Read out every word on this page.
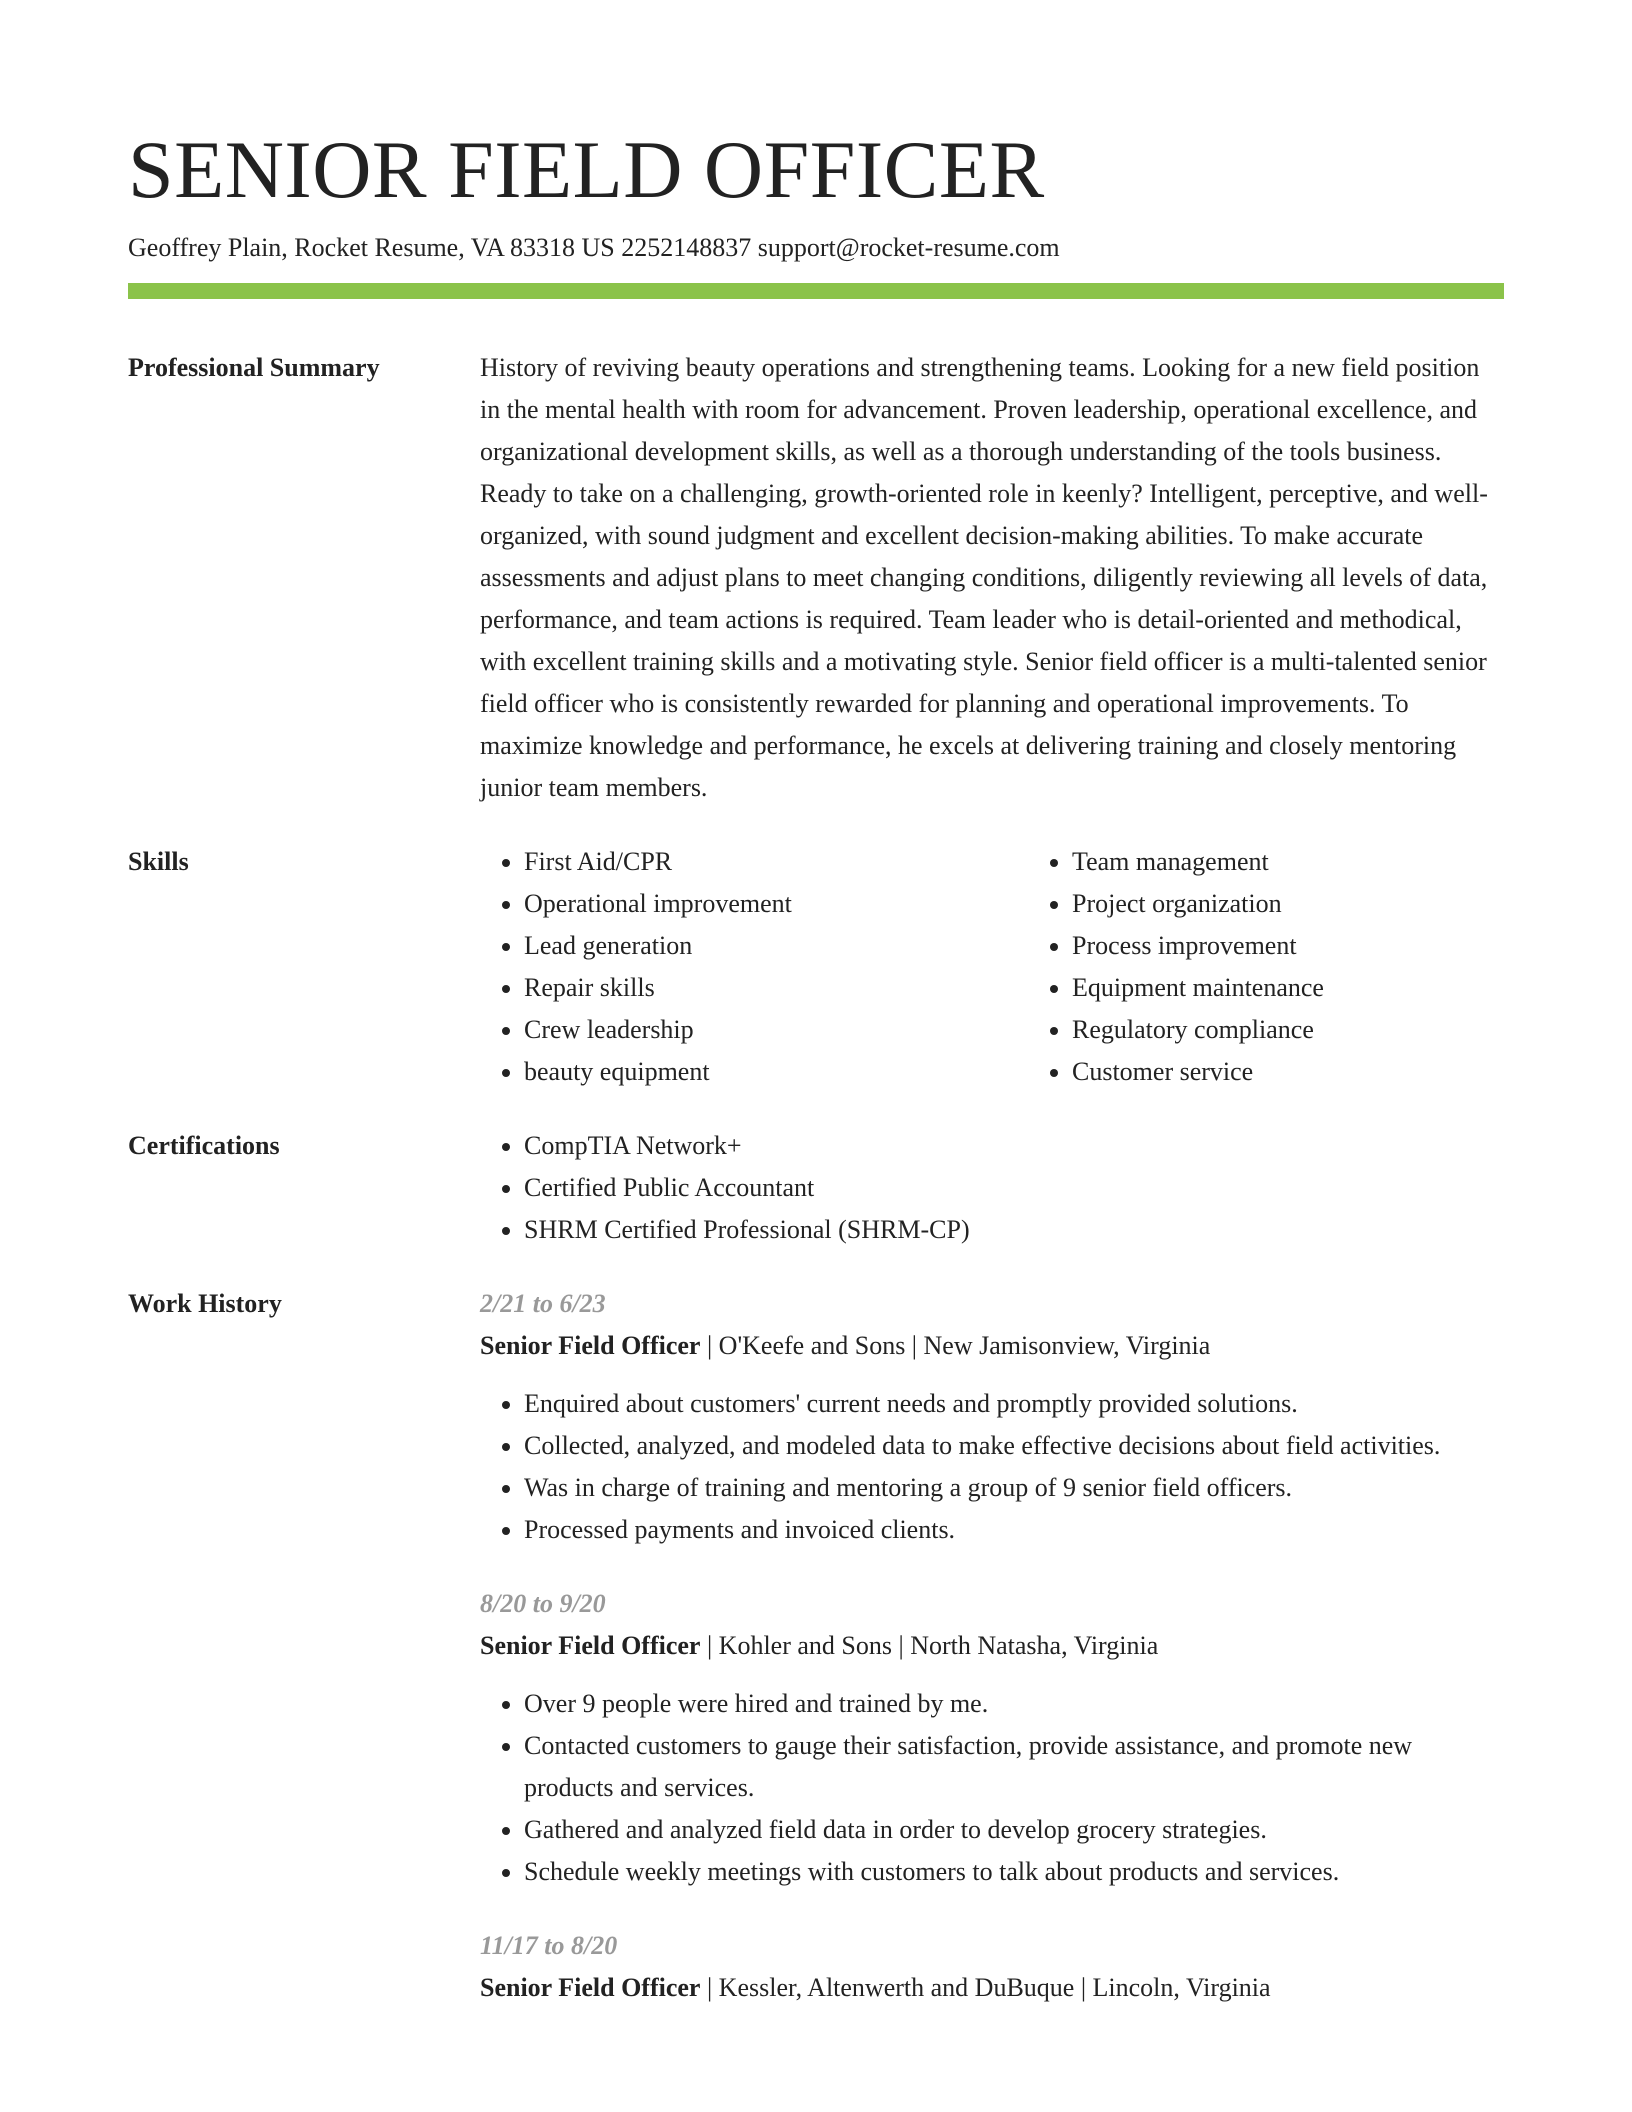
SENIOR FIELD OFFICER
Geoffrey Plain, Rocket Resume, VA 83318 US 2252148837 support@rocket-resume.com
Professional Summary	History of reviving beauty operations and strengthening teams. Looking for a new field position in the mental health with room for advancement. Proven leadership, operational excellence, and organizational development skills, as well as a thorough understanding of the tools business. Ready to take on a challenging, growth-oriented role in keenly? Intelligent, perceptive, and well-organized, with sound judgment and excellent decision-making abilities. To make accurate assessments and adjust plans to meet changing conditions, diligently reviewing all levels of data, performance, and team actions is required. Team leader who is detail-oriented and methodical, with excellent training skills and a motivating style. Senior field officer is a multi-talented senior field officer who is consistently rewarded for planning and operational improvements. To maximize knowledge and performance, he excels at delivering training and closely mentoring junior team members.
Skills	• First Aid/CPR
• Operational improvement
• Lead generation
• Repair skills
• Crew leadership
• beauty equipment
• Team management
• Project organization
• Process improvement
• Equipment maintenance
• Regulatory compliance
• Customer service
Certifications	• CompTIA Network+
• Certified Public Accountant
• SHRM Certified Professional (SHRM-CP)
Work History	2/21 to 6/23
Senior Field Officer | O'Keefe and Sons | New Jamisonview, Virginia
• Enquired about customers' current needs and promptly provided solutions.
• Collected, analyzed, and modeled data to make effective decisions about field activities.
• Was in charge of training and mentoring a group of 9 senior field officers.
• Processed payments and invoiced clients.
8/20 to 9/20
Senior Field Officer | Kohler and Sons | North Natasha, Virginia
• Over 9 people were hired and trained by me.
• Contacted customers to gauge their satisfaction, provide assistance, and promote new products and services.
• Gathered and analyzed field data in order to develop grocery strategies.
• Schedule weekly meetings with customers to talk about products and services.
11/17 to 8/20
Senior Field Officer | Kessler, Altenwerth and DuBuque | Lincoln, Virginia
